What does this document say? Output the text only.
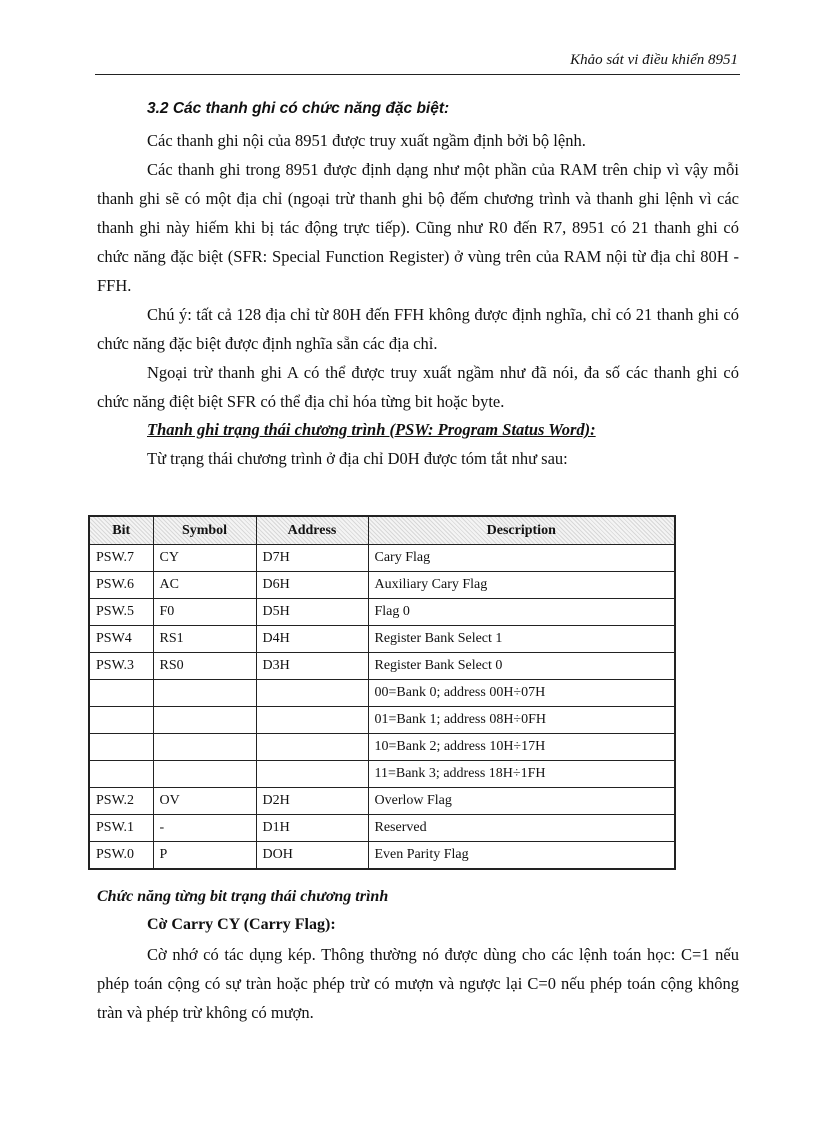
Khảo sát vi điều khiển 8951
3.2 Các thanh ghi có chức năng đặc biệt:

Các thanh ghi nội của 8951 được truy xuất ngầm định bởi bộ lệnh.

Các thanh ghi trong 8951 được định dạng như một phần của RAM trên chip vì vậy mỗi thanh ghi sẽ có một địa chỉ (ngoại trừ thanh ghi bộ đếm chương trình và thanh ghi lệnh vì các thanh ghi này hiếm khi bị tác động trực tiếp). Cũng như R0 đến R7, 8951 có 21 thanh ghi có chức năng đặc biệt (SFR: Special Function Register) ở vùng trên của RAM nội từ địa chỉ 80H - FFH.

Chú ý: tất cả 128 địa chỉ từ 80H đến FFH không được định nghĩa, chỉ có 21 thanh ghi có chức năng đặc biệt được định nghĩa sẵn các địa chỉ.

Ngoại trừ thanh ghi A có thể được truy xuất ngầm như đã nói, đa số các thanh ghi có chức năng điệt biệt SFR có thể địa chỉ hóa từng bit hoặc byte.

Thanh ghi trạng thái chương trình (PSW: Program Status Word):

Từ trạng thái chương trình ở địa chỉ D0H được tóm tắt như sau:

Bit	Symbol	Address	Description
PSW.7	CY	D7H	Cary Flag
PSW.6	AC	D6H	Auxiliary Cary Flag
PSW.5	F0	D5H	Flag 0
PSW4	RS1	D4H	Register Bank Select 1
PSW.3	RS0	D3H	Register Bank Select 0
			00=Bank 0; address 00H÷07H
			01=Bank 1; address 08H÷0FH
			10=Bank 2; address 10H÷17H
			11=Bank 3; address 18H÷1FH
PSW.2	OV	D2H	Overlow Flag
PSW.1	-	D1H	Reserved
PSW.0	P	DOH	Even Parity Flag

Chức năng từng bit trạng thái chương trình

Cờ Carry CY (Carry Flag):

Cờ nhớ có tác dụng kép. Thông thường nó được dùng cho các lệnh toán học: C=1 nếu phép toán cộng có sự tràn hoặc phép trừ có mượn và ngược lại C=0 nếu phép toán cộng không tràn và phép trừ không có mượn.
